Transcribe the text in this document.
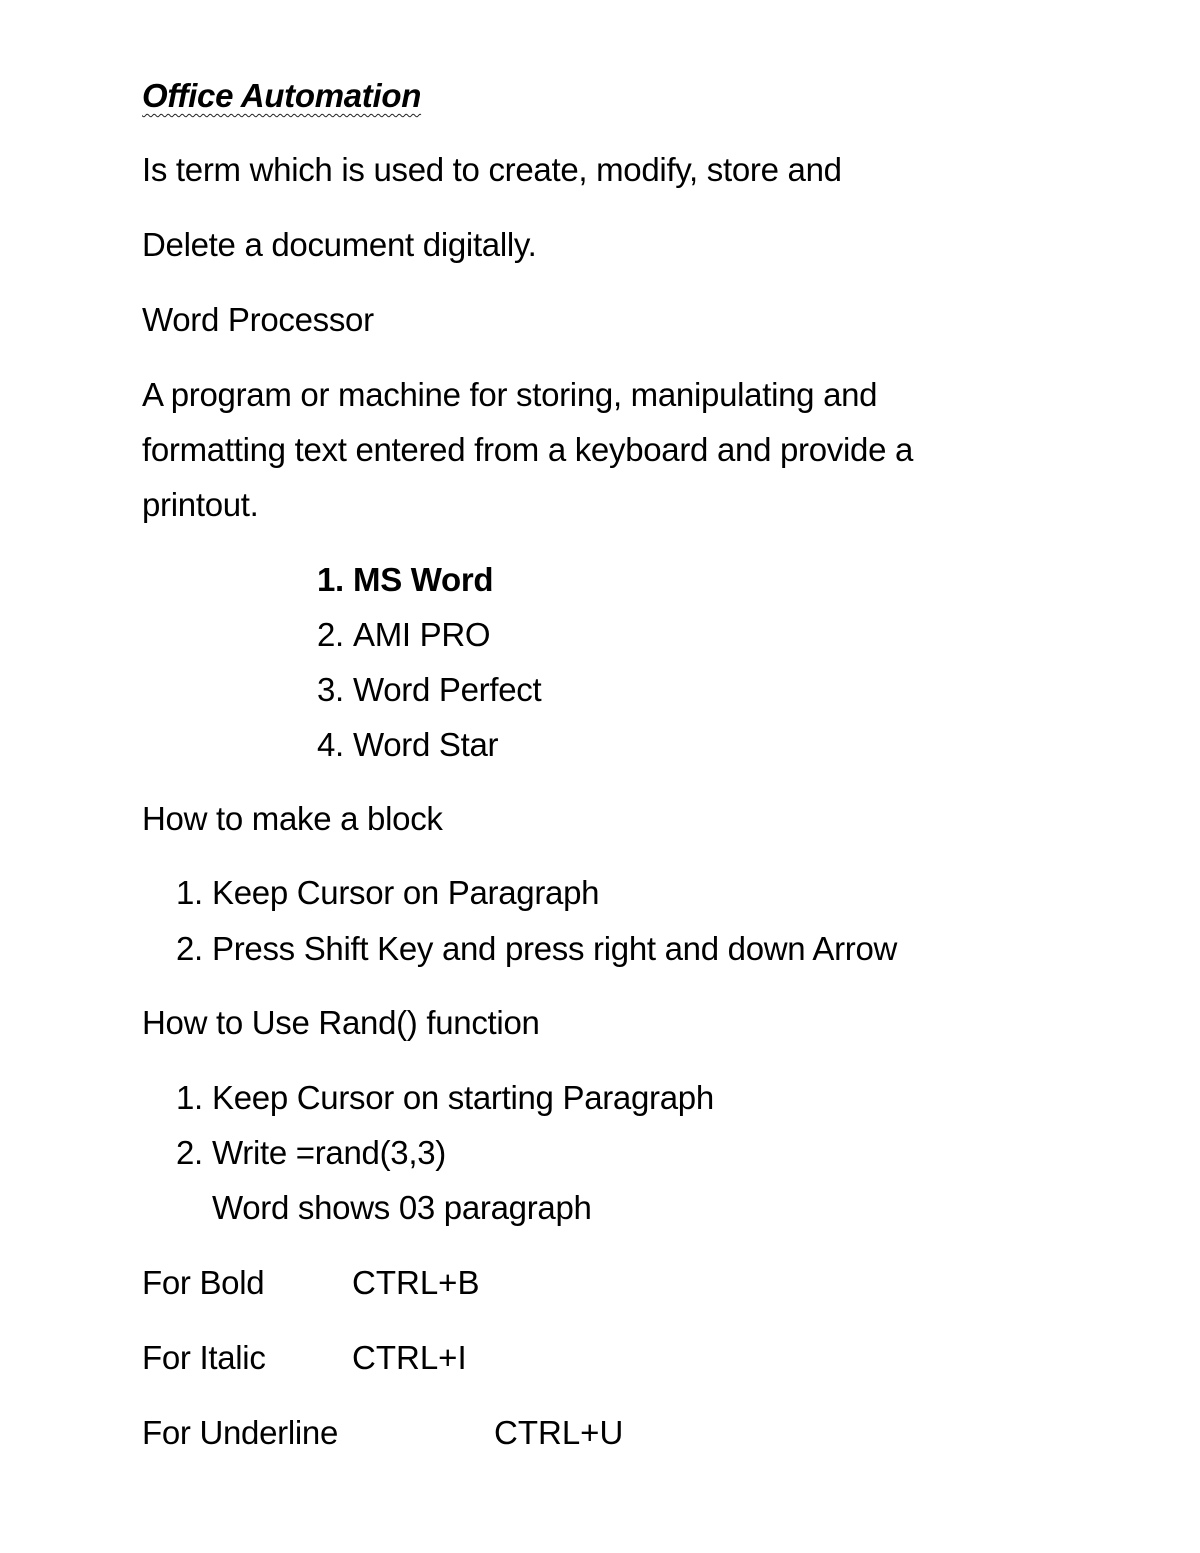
Office Automation
Is term which is used to create, modify, store and
Delete a document digitally.
Word Processor
A program or machine for storing, manipulating and
formatting text entered from a keyboard and provide a
printout.
1. MS Word
2. AMI PRO
3. Word Perfect
4. Word Star
How to make a block
1. Keep Cursor on Paragraph
2. Press Shift Key and press right and down Arrow
How to Use Rand() function
1. Keep Cursor on starting Paragraph
2. Write =rand(3,3)
Word shows 03 paragraph
For Bold	CTRL+B
For Italic	CTRL+I
For Underline	CTRL+U
